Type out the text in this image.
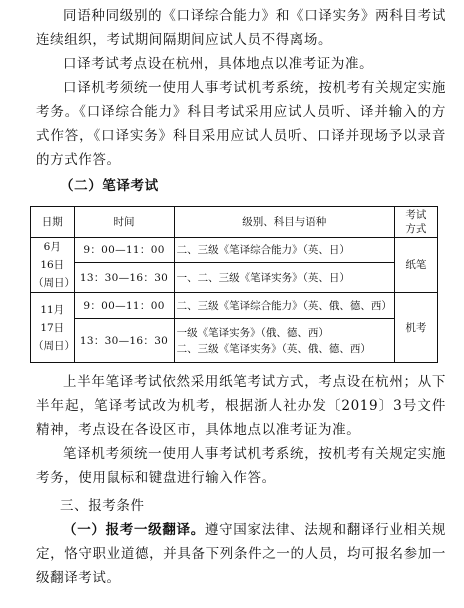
同语种同级别的《口译综合能力》和《口译实务》两科目考试连续组织，考试期间隔期间应试人员不得离场。

口译考试考点设在杭州，具体地点以准考证为准。

口译机考须统一使用人事考试机考系统，按机考有关规定实施考务。《口译综合能力》科目考试采用应试人员听、译并输入的方式作答，《口译实务》科目采用应试人员听、口译并现场予以录音的方式作答。

（二）笔译考试

日期	时间	级别、科目与语种	考试
方式

6月
16日
（周日）	9：00—11：00	二、三级《笔译综合能力》（英、日）	纸笔
	13：30—16：30	一、二、三级《笔译实务》（英、日）	

11月
17日
（周日）	9：00—11：00	二、三级《笔译综合能力》（英、俄、德、西）	机考
	13：30—16：30	一级《笔译实务》（俄、德、西）
二、三级《笔译实务》（英、俄、德、西）	

上半年笔译考试依然采用纸笔考试方式，考点设在杭州；从下半年起，笔译考试改为机考，根据浙人社办发〔2019〕3号文件精神，考点设在各设区市，具体地点以准考证为准。

笔译机考须统一使用人事考试机考系统，按机考有关规定实施考务，使用鼠标和键盘进行输入作答。

三、报考条件

（一）报考一级翻译。遵守国家法律、法规和翻译行业相关规定，恪守职业道德，并具备下列条件之一的人员，均可报名参加一级翻译考试。
